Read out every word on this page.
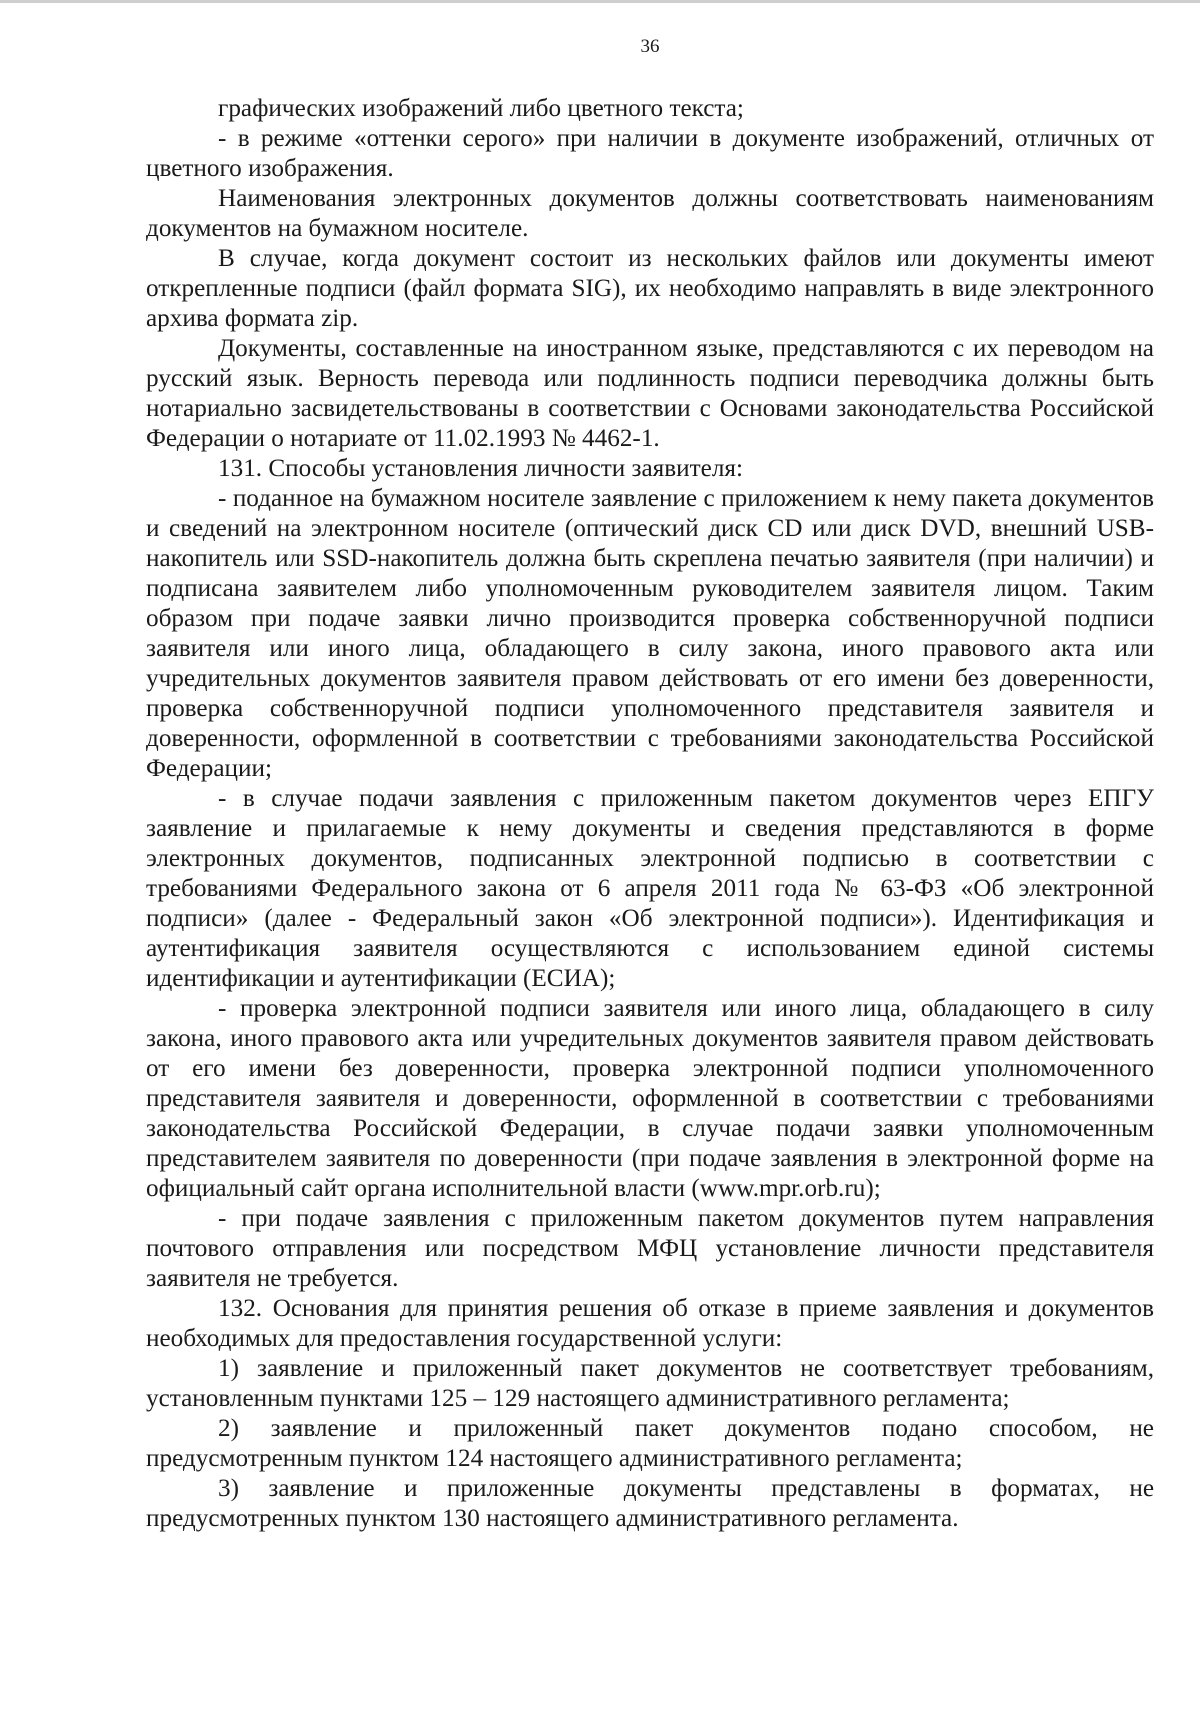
36

графических изображений либо цветного текста;

- в режиме «оттенки серого» при наличии в документе изображений, отличных от цветного изображения.

Наименования электронных документов должны соответствовать наименованиям документов на бумажном носителе.

В случае, когда документ состоит из нескольких файлов или документы имеют открепленные подписи (файл формата SIG), их необходимо направлять в виде электронного архива формата zip.

Документы, составленные на иностранном языке, представляются с их переводом на русский язык. Верность перевода или подлинность подписи переводчика должны быть нотариально засвидетельствованы в соответствии с Основами законодательства Российской Федерации о нотариате от 11.02.1993 № 4462-1.

131. Способы установления личности заявителя:

- поданное на бумажном носителе заявление с приложением к нему пакета документов и сведений на электронном носителе (оптический диск CD или диск DVD, внешний USB-накопитель или SSD-накопитель должна быть скреплена печатью заявителя (при наличии) и подписана заявителем либо уполномоченным руководителем заявителя лицом. Таким образом при подаче заявки лично производится проверка собственноручной подписи заявителя или иного лица, обладающего в силу закона, иного правового акта или учредительных документов заявителя правом действовать от его имени без доверенности, проверка собственноручной подписи уполномоченного представителя заявителя и доверенности, оформленной в соответствии с требованиями законодательства Российской Федерации;

- в случае подачи заявления с приложенным пакетом документов через ЕПГУ заявление и прилагаемые к нему документы и сведения представляются в форме электронных документов, подписанных электронной подписью в соответствии с требованиями Федерального закона от 6 апреля 2011 года № 63-ФЗ «Об электронной подписи» (далее - Федеральный закон «Об электронной подписи»). Идентификация и аутентификация заявителя осуществляются с использованием единой системы идентификации и аутентификации (ЕСИА);

- проверка электронной подписи заявителя или иного лица, обладающего в силу закона, иного правового акта или учредительных документов заявителя правом действовать от его имени без доверенности, проверка электронной подписи уполномоченного представителя заявителя и доверенности, оформленной в соответствии с требованиями законодательства Российской Федерации, в случае подачи заявки уполномоченным представителем заявителя по доверенности (при подаче заявления в электронной форме на официальный сайт органа исполнительной власти (www.mpr.orb.ru);

- при подаче заявления с приложенным пакетом документов путем направления почтового отправления или посредством МФЦ установление личности представителя заявителя не требуется.

132. Основания для принятия решения об отказе в приеме заявления и документов необходимых для предоставления государственной услуги:

1) заявление и приложенный пакет документов не соответствует требованиям, установленным пунктами 125 – 129 настоящего административного регламента;

2) заявление и приложенный пакет документов подано способом, не предусмотренным пунктом 124 настоящего административного регламента;

3) заявление и приложенные документы представлены в форматах, не предусмотренных пунктом 130 настоящего административного регламента.
